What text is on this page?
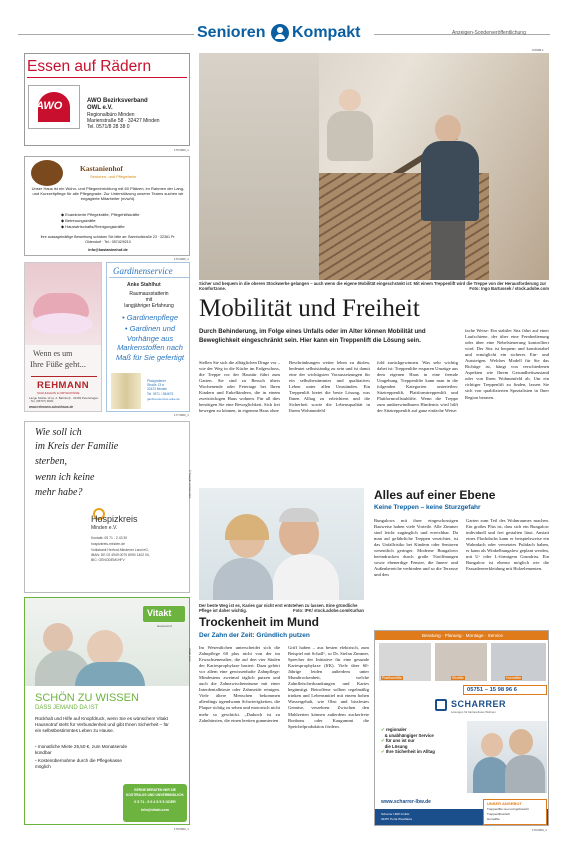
Senioren Kompakt	Anzeigen-Sonderveröffentlichung
0.0000.1
Essen auf Rädern
AWO	AWO Bezirksverband
OWL e.V.
Regionalbüro Minden
Marienstraße 58 · 32427 Minden
Tel. 0571/8 28 38 0
175.0000_1
Kastanienhof
Senioren- und Pflegeheim
Unser Haus ist ein Wohn- und Pflegeeinrichtung mit 60 Plätzen; im Rahmen der Lang- und Kurzzeitpflege für alle Pflegegrade. Zur Unterstützung unserer Teams suchen wir engagierte Mitarbeiter (m/w/d).
◆ Examinierte Pflegekräfte, Pflegehilfskräfte
◆ Betreuungskräfte
◆ Hauswirtschafts/Reinigungskräfte
Ihre aussagekräftige Bewerbung schicken Sie bitte an: Bahnhofstraße 23 · 32361 Pr. Oldendorf · Tel.: 05742/9210
info@kastanienhof.de
176.0000_1
Wenn es um
Ihre Füße geht...
REHMANN
SCHUHHAUS & ORTHOPÄDIE
Lange Straße 12 (a. d. Bahnhof) · 32469 Petershagen · Tel. (05707) 9000
www.rehmann-schuhhaus.de
Gardinenservice
Anke Stahlhut
Raumausstatterin
mit
langjähriger Erfahrung
• Gardinenpflege
• Gardinen und Vorhänge aus Markenstoffen nach Maß für Sie gefertigt
Pfalzgrafener
Straße 13 a
32423 Minden
Tel. 0571 / 384675
gardinenservice-anke.de
177.0000_1
Wie soll ich
im Kreis der Familie
sterben,
wenn ich keine
mehr habe?
Hospizkreis
Minden e.V.
Kontakt: 05 71 - 2 43 30
hospizkreis-minden.de
Volksbank Herford-Mindener Land eG,
IBAN: DE 02 4949 0070 8090 1402 00,
BIC: GENODEM1HFV
© freepik.com/aurelie
Vitakt
Hausnotruf
SCHÖN ZU WISSEN
DASS JEMAND DA IST
Rückhalt und Hilfe auf Knopfdruck, wenn Sie es wünschen! Vitakt Hausnotruf steht für Verbundenheit und gibt Ihnen Sicherheit – für ein selbstbestimmtes Leben zu Hause.
• monatliche Miete 25,50 €, zum Monatsende kündbar
• Kostenübernahme durch die Pflegekasse möglich
GERNE BERATEN WIR SIE
KOSTENLOS UND UNVERBINDLICH:
0 5 71 - 9 9 4 5 5 5 ODER
info@vitakt.com
vitakt.com
178.0000_1
Sicher und bequem in die oberen Stockwerke gelangen – auch wenn die eigene Mobilität eingeschränkt ist: Mit einem Treppenlift wird die Treppe von der Herausforderung zur Komfortzone.	Foto: Ingo Bartussek / stock.adobe.com
Mobilität und Freiheit
Durch Behinderung, im Folge eines Unfalls oder im Alter können Mobilität und Beweglichkeit eingeschränkt sein. Hier kann ein Treppenlift die Lösung sein.
Stellen Sie sich die alltäglichen Dinge vor – wie der Weg in die Küche im Erdgeschoss, die Treppe vor der Haustür führt zum Garten. Sie sind zu Besuch übers Wochenende oder Feiertage bei Ihren Kindern und Enkelkindern, die in einem zweistöckigen Haus wohnen. Für all dies benötigen Sie eine Beweglichkeit. Sich frei bewegen zu können, in eigenem Haus ohne
Beschränkungen weiter leben zu dürfen, bedeutet selbstständig zu sein und ist damit eine der wichtigsten Voraussetzungen für ein selbstbestimmtes und qualitatives Leben unter allen Umständen. Ein Treppenlift bietet die beste Lösung, was Ihnen Alltag zu erleichtern und die Sicherheit sowie die Lebensqualität in Ihrem Wohnumfeld
fold zurückgewinnen. Was sehr wichtig dabei ist: Treppenlifte ersparen Umzüge aus dem eigenen Haus in eine fremde Umgebung. Treppenlifte kann man in die folgenden Kategorien unterteilen: Sitztreppenlift, Plattformtreppenlift und Plattformrollstuhlifte. Wenn die Treppe zum unüberwindbaren Hindernis wird hilft der Sitztreppenlift auf ganz einfache Weise:
fache Weise: Ein stabiler Sitz fährt auf einer Laufschiene, der über eine Fernbedienung oder über eine Nebelsteuerung kontrolliert wird. Der Sitz ist bequem und komfortabel und ermöglicht ein sicheres Ein- und Aussteigen. Welches Modell für Sie das Richtige ist, hängt von verschiedenen Aspekten wie Ihrem Gesundheitszustand oder von Ihren Wohnumfeld ab. Um ein richtiger Treppenlift zu finden, lassen Sie sich von qualifizierten Spezialisten in Ihrer Region beraten.
Der beste Weg ist es, Karies gar nicht erst entstehen zu lassen. Eine gründliche Pflege ist daher wichtig.	Foto: IPK/ stock.adobe.com/Kurhan
Alles auf einer Ebene
Keine Treppen – keine Sturzgefahr
Bungalows mit ihrer eingeschossigen Bauweise haben viele Vorteile. Alle Zimmer sind leicht zugänglich und erreichbar. Da man auf gefährliche Treppen verzichtet, ist das Unfallrisiko bei Kindern oder Senioren wesentlich geringer. Moderne Bungalows beeindrucken durch große Türöffnungen sowie ebenerdige Fenster, die Innen- und Außenbereiche verbinden und so die Terrasse und den
Garten zum Teil des Wohnraumes machen. Ein großes Plus ist, dass sich ein Bungalow individuell und frei gestalten lässt. Anstatt eines Flachdachs kann er beispielsweise ein Walmdach oder versetztes Pultdach haben, er kann als Winkelbungalow geplant werden, mit U- oder L-förmigem Grundriss. Ein Bungalow ist ebenso möglich wie die Fassadenverkleidung mit Holzelementen.
Trockenheit im Mund
Der Zahn der Zeit: Gründlich putzen
Im Wesentlichen unterscheidet sich die Zahnpflege 60 plus nicht von der im Erwachsenenalter, die auf den vier Säulen der Kariesprophylaxe basiert. Dazu gehört vor allem eine gewissenhafte Zahnpflege: Mindestens zweimal täglich putzen und auch die Zahnzwischenräume mit einer Interdentalbürste oder Zahnseide reinigen. Viele ältere Menschen bekommen allerdings irgendwann Schwierigkeiten, die Plaque richtig zu sehen und motorisch nicht mehr so geschickt. „Dadurch ist zu Zahnbürsten, die einen breiten gummierten
Griff haben – aus besten elektrisch, zum Beispiel mit Schall“, so Dr. Stefan Zimmer, Sprecher der Initiative für eine gesunde Kariesprophylaxe (IfK). Viele über 60-Jährige leiden außerdem unter Mundtrockenheit, welche Zahnfleischerkrankungen und Karies begünstigt. Betroffene sollten regelmäßig trinken und Lebensmittel mit einem hohen Wassergehalt, wie Obst und bissfestes Gemüse, verzehren. Zwischen den Mahlzeiten können außerdem zuckerfreie Bonbons oder Kaugummi die Speichelproduktion fördern.
Beratung · Planung · Montage · Service
Plattformlifte	Sitzlifte	Homelifte
05751 – 15 98 96 6
SCHARRER
Lösungen für barrierefreies Wohnen
✔ regionaler
& unabhängiger Service
✔ für uns ist nur
die Lösung
✔ Ihre Sicherheit im Alltag
www.scharrer-lbw.de
Scharrer LBW GmbH
32457 Porta Westfalica
UNSER ANGEBOT
Treppenlifte neu und gebraucht
Treppenliftverleih
Homelifte
179.0000_1
